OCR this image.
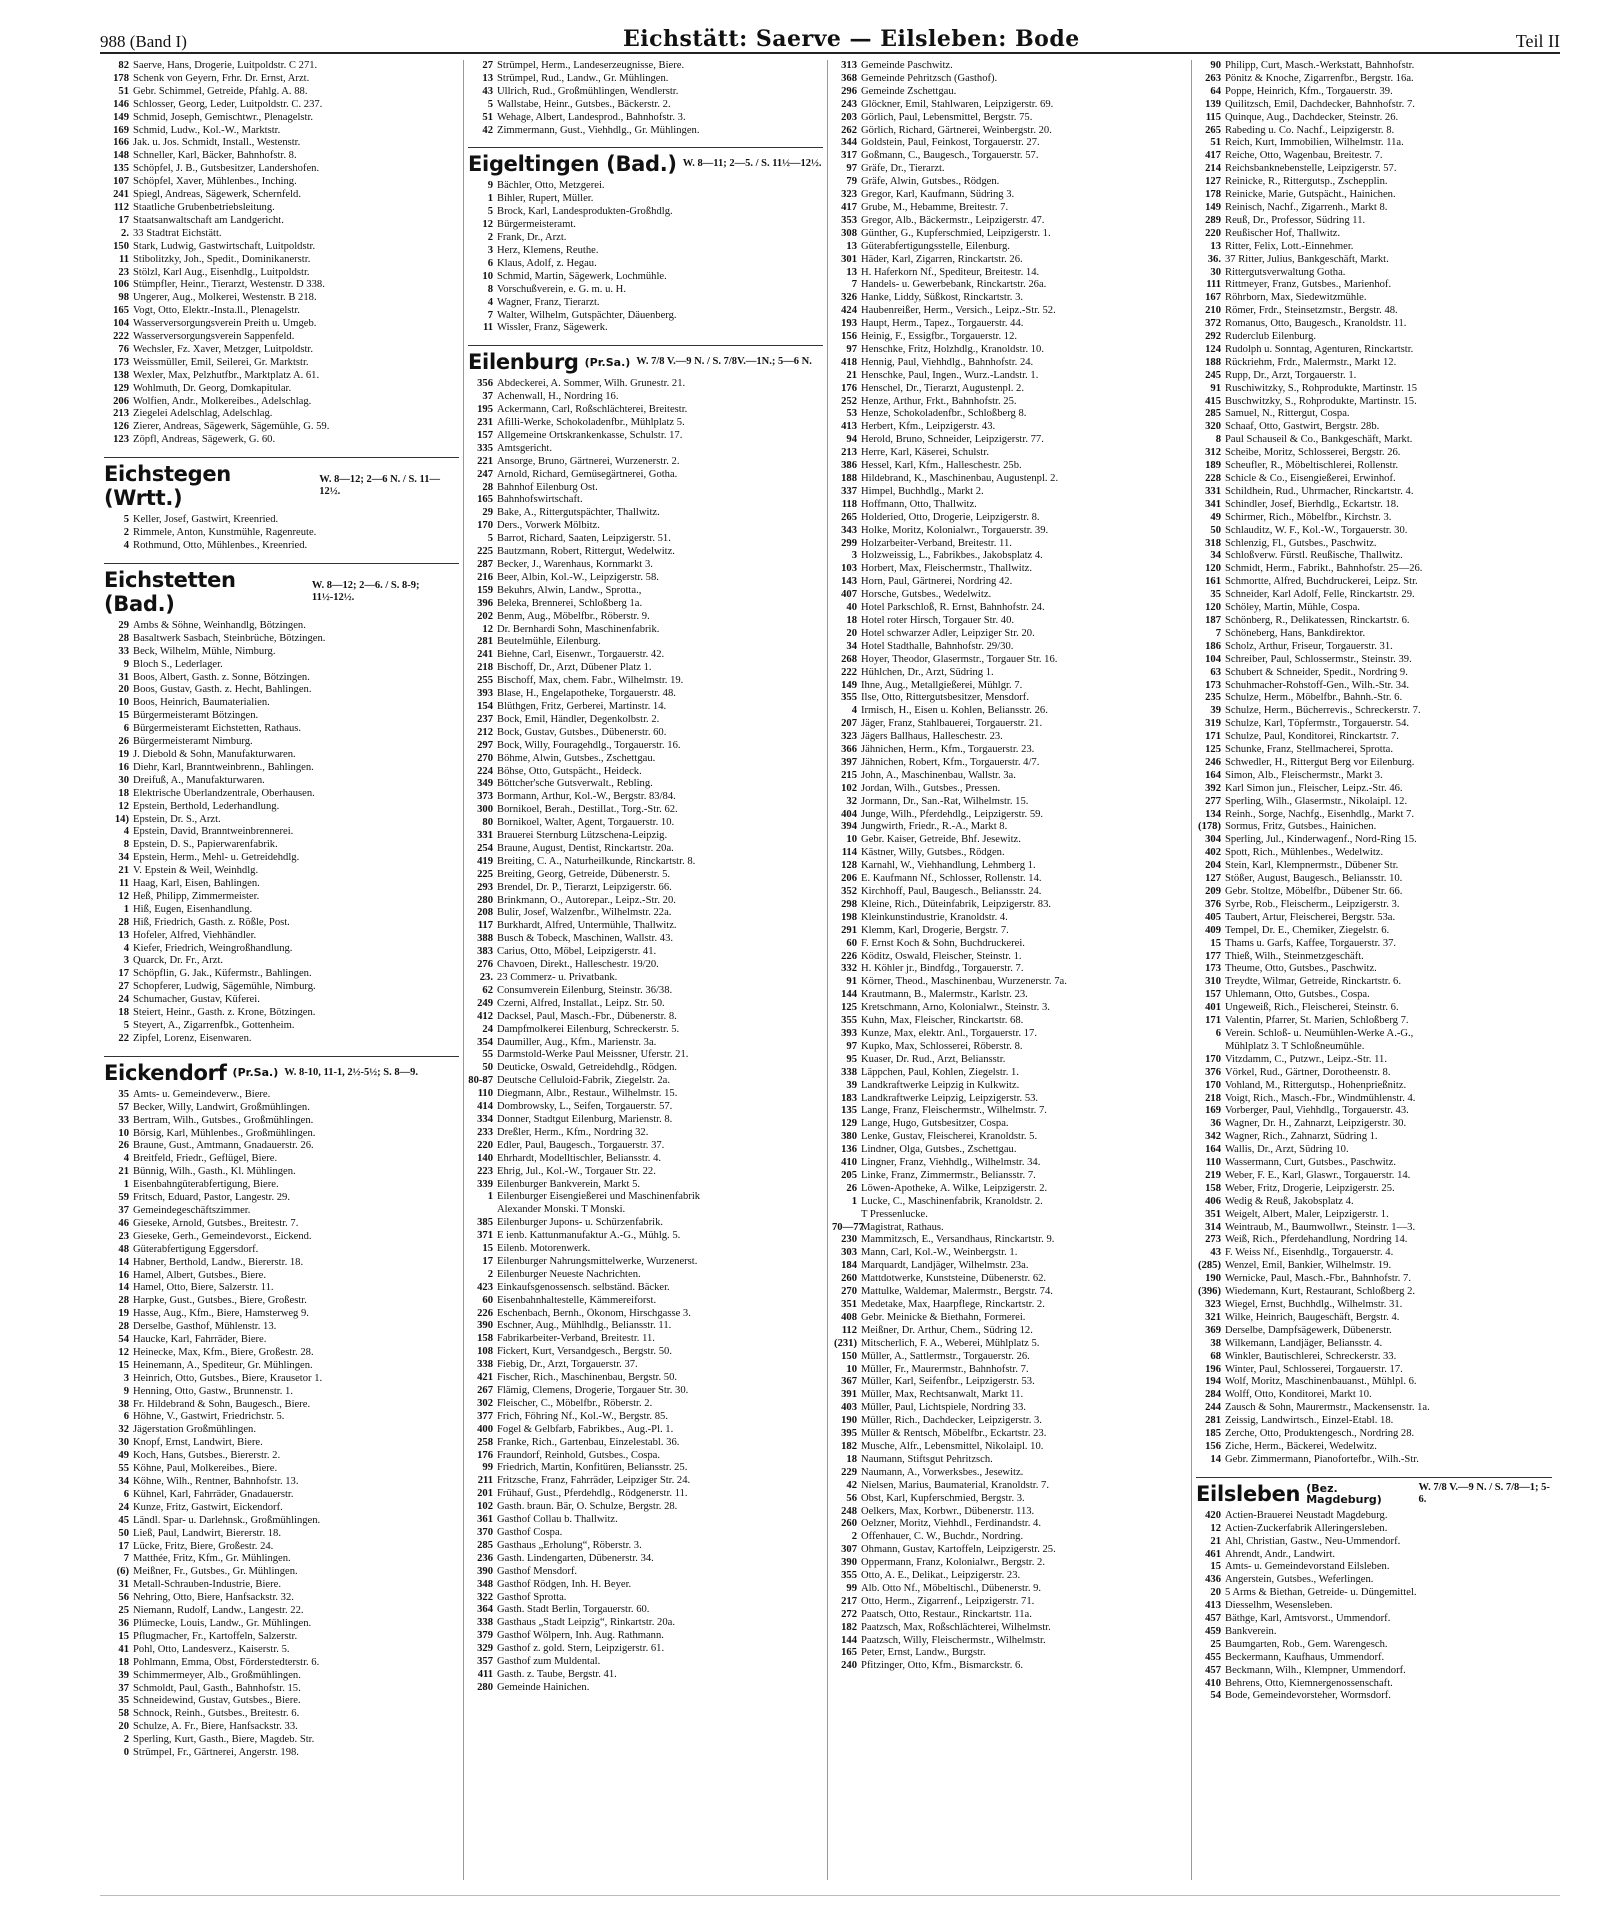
988 (Band I)	Eichstätt: Saerve — Eilsleben: Bode	Teil II
82 Saerve, Hans, Drogerie, Luitpoldstr. C 271.
178 Schenk von Geyern, Frhr. Dr. Ernst, Arzt.
51 Gebr. Schimmel, Getreide, Pfahlg. A. 88.
146 Schlosser, Georg, Leder, Luitpoldstr. C. 237.
149 Schmid, Joseph, Gemischtwr., Plenagelstr.
169 Schmid, Ludw., Kol.-W., Marktstr.
166 Jak. u. Jos. Schmidt, Install., Westenstr.
148 Schneller, Karl, Bäcker, Bahnhofstr. 8.
135 Schöpfel, J. B., Gutsbesitzer, Landershofen.
107 Schöpfel, Xaver, Mühlenbes., Inching.
241 Spiegl, Andreas, Sägewerk, Schernfeld.
112 Staatliche Grubenbetriebsleitung.
17 Staatsanwaltschaft am Landgericht.
2. 33 Stadtrat Eichstätt.
150 Stark, Ludwig, Gastwirtschaft, Luitpoldstr.
11 Stibolitzky, Joh., Spedit., Dominikanerstr.
23 Stölzl, Karl Aug., Eisenhdlg., Luitpoldstr.
106 Stümpfler, Heinr., Tierarzt, Westenstr. D 338.
98 Ungerer, Aug., Molkerei, Westenstr. B 218.
165 Vogt, Otto, Elektr.-Insta.ll., Plenagelstr.
104 Wasserversorgungsverein Preith u. Umgeb.
222 Wasserversorgungsverein Sappenfeld.
76 Wechsler, Fz. Xaver, Metzger, Luitpoldstr.
173 Weissmüller, Emil, Seilerei, Gr. Marktstr.
138 Wexler, Max, Pelzhutfbr., Marktplatz A. 61.
129 Wohlmuth, Dr. Georg, Domkapitular.
206 Wolfien, Andr., Molkereibes., Adelschlag.
213 Ziegelei Adelschlag, Adelschlag.
126 Zierer, Andreas, Sägewerk, Sägemühle, G. 59.
123 Zöpfl, Andreas, Sägewerk, G. 60.
Eichstegen (Wrtt.)
W. 8—12; 2—6 N. / S. 11—12½.
5 Keller, Josef, Gastwirt, Kreenried.
2 Rimmele, Anton, Kunstmühle, Ragenreute.
4 Rothmund, Otto, Mühlenbes., Kreenried.
Eichstetten (Bad.)
W. 8—12; 2—6. / S. 8-9; 11½-12½.
29 Ambs & Söhne, Weinhandlg, Bötzingen.
28 Basaltwerk Sasbach, Steinbrüche, Bötzingen.
33 Beck, Wilhelm, Mühle, Nimburg.
9 Bloch S., Lederlager.
31 Boos, Albert, Gasth. z. Sonne, Bötzingen.
20 Boos, Gustav, Gasth. z. Hecht, Bahlingen.
10 Boos, Heinrich, Baumaterialien.
15 Bürgermeisteramt Bötzingen.
6 Bürgermeisteramt Eichstetten, Rathaus.
26 Bürgermeisteramt Nimburg.
19 J. Diebold & Sohn, Manufakturwaren.
16 Diehr, Karl, Branntweinbrenn., Bahlingen.
30 Dreifuß, A., Manufakturwaren.
18 Elektrische Überlandzentrale, Oberhausen.
12 Epstein, Berthold, Lederhandlung.
14) Epstein, Dr. S., Arzt.
4 Epstein, David, Branntweinbrennerei.
8 Epstein, D. S., Papierwarenfabrik.
34 Epstein, Herm., Mehl- u. Getreidehdlg.
21 V. Epstein & Weil, Weinhdlg.
11 Haag, Karl, Eisen, Bahlingen.
12 Heß, Philipp, Zimmermeister.
1 Hiß, Eugen, Eisenhandlung.
28 Hiß, Friedrich, Gasth. z. Rößle, Post.
13 Hofeler, Alfred, Viehhändler.
4 Kiefer, Friedrich, Weingroßhandlung.
3 Quarck, Dr. Fr., Arzt.
17 Schöpflin, G. Jak., Küfermstr., Bahlingen.
27 Schopferer, Ludwig, Sägemühle, Nimburg.
24 Schumacher, Gustav, Küferei.
18 Steiert, Heinr., Gasth. z. Krone, Bötzingen.
5 Steyert, A., Zigarrenfbk., Gottenheim.
22 Zipfel, Lorenz, Eisenwaren.
Eickendorf (Pr.Sa.) W. 8-10, 11-1, 2½-5½; S. 8—9.
35 Amts- u. Gemeindeverw., Biere.
57 Becker, Willy, Landwirt, Großmühlingen.
33 Bertram, Wilh., Gutsbes., Großmühlingen.
10 Börsig, Karl, Mühlenbes., Großmühlingen.
26 Braune, Gust., Amtmann, Gnadauerstr. 26.
4 Breitfeld, Friedr., Geflügel, Biere.
21 Bünnig, Wilh., Gasth., Kl. Mühlingen.
1 Eisenbahngüterabfertigung, Biere.
59 Fritsch, Eduard, Pastor, Langestr. 29.
37 Gemeindegeschäftszimmer.
46 Gieseke, Arnold, Gutsbes., Breitestr. 7.
23 Gieseke, Gerh., Gemeindevorst., Eickend.
48 Güterabfertigung Eggersdorf.
14 Habner, Berthold, Landw., Biererstr. 18.
16 Hamel, Albert, Gutsbes., Biere.
14 Hamel, Otto, Biere, Salzerstr. 11.
28 Harpke, Gust., Gutsbes., Biere, Großestr.
19 Hasse, Aug., Kfm., Biere, Hamsterweg 9.
28 Derselbe, Gasthof, Mühlenstr. 13.
54 Haucke, Karl, Fahrräder, Biere.
12 Heinecke, Max, Kfm., Biere, Großestr. 28.
15 Heinemann, A., Spediteur, Gr. Mühlingen.
3 Heinrich, Otto, Gutsbes., Biere, Krausetor 1.
9 Henning, Otto, Gastw., Brunnenstr. 1.
38 Fr. Hildebrand & Sohn, Baugesch., Biere.
6 Höhne, V., Gastwirt, Friedrichstr. 5.
32 Jägerstation Großmühlingen.
30 Knopf, Ernst, Landwirt, Biere.
49 Koch, Hans, Gutsbes., Biererstr. 2.
55 Köhne, Paul, Molkereibes., Biere.
34 Köhne, Wilh., Rentner, Bahnhofstr. 13.
6 Kühnel, Karl, Fahrräder, Gnadauerstr.
24 Kunze, Fritz, Gastwirt, Eickendorf.
45 Ländl. Spar- u. Darlehnsk., Großmühlingen.
50 Ließ, Paul, Landwirt, Biererstr. 18.
17 Lücke, Fritz, Biere, Großestr. 24.
7 Matthée, Fritz, Kfm., Gr. Mühlingen.
(6) Meißner, Fr., Gutsbes., Gr. Mühlingen.
31 Metall-Schrauben-Industrie, Biere.
56 Nehring, Otto, Biere, Hanfsackstr. 32.
25 Niemann, Rudolf, Landw., Langestr. 22.
36 Plümecke, Louis, Landw., Gr. Mühlingen.
15 Pflugmacher, Fr., Kartoffeln, Salzerstr.
41 Pohl, Otto, Landesverz., Kaiserstr. 5.
18 Pohlmann, Emma, Obst, Förderstedterstr. 6.
39 Schimmermeyer, Alb., Großmühlingen.
37 Schmoldt, Paul, Gasth., Bahnhofstr. 15.
35 Schneidewind, Gustav, Gutsbes., Biere.
58 Schnock, Reinh., Gutsbes., Breitestr. 6.
20 Schulze, A. Fr., Biere, Hanfsackstr. 33.
2 Sperling, Kurt, Gasth., Biere, Magdeb. Str.
0 Strümpel, Fr., Gärtnerei, Angerstr. 198.
27 Strümpel, Herm., Landeserzeugnisse, Biere.
13 Strümpel, Rud., Landw., Gr. Mühlingen.
43 Ullrich, Rud., Großmühlingen, Wendlerstr.
5 Wallstabe, Heinr., Gutsbes., Bäckerstr. 2.
51 Wehage, Albert, Landesprod., Bahnhofstr. 3.
42 Zimmermann, Gust., Viehhdlg., Gr. Mühlingen.
Eigeltingen (Bad.) W. 8—11; 2—5. / S. 11½—12½.
9 Bächler, Otto, Metzgerei.
1 Bihler, Rupert, Müller.
5 Brock, Karl, Landesprodukten-Großhdlg.
12 Bürgermeisteramt.
2 Frank, Dr., Arzt.
3 Herz, Klemens, Reuthe.
6 Klaus, Adolf, z. Hegau.
10 Schmid, Martin, Sägewerk, Lochmühle.
8 Vorschußverein, e. G. m. u. H.
4 Wagner, Franz, Tierarzt.
7 Walter, Wilhelm, Gutspächter, Däuenberg.
11 Wissler, Franz, Sägewerk.
Eilenburg (Pr.Sa.) W. 7/8 V.—9 N. / S. 7/8V.—1N.; 5—6 N.
356 Abdeckerei, A. Sommer, Wilh. Grunestr. 21.
37 Achenwall, H., Nordring 16.
195 Ackermann, Carl, Roßschlächterei, Breitestr.
231 Afilli-Werke, Schokoladenfbr., Mühlplatz 5.
157 Allgemeine Ortskrankenkasse, Schulstr. 17.
335 Amtsgericht.
221 Ansorge, Bruno, Gärtnerei, Wurzenerstr. 2.
247 Arnold, Richard, Gemüsegärtnerei, Gotha.
28 Bahnhof Eilenburg Ost.
165 Bahnhofswirtschaft.
29 Bake, A., Rittergutspächter, Thallwitz.
170 Ders., Vorwerk Mölbitz.
5 Barrot, Richard, Saaten, Leipzigerstr. 51.
225 Bautzmann, Robert, Rittergut, Wedelwitz.
287 Becker, J., Warenhaus, Kornmarkt 3.
216 Beer, Albin, Kol.-W., Leipzigerstr. 58.
159 Bekuhrs, Alwin, Landw., Sprotta.,
396 Beleka, Brennerei, Schloßberg 1a.
202 Benm, Aug., Möbelfbr., Röberstr. 9.
12 Dr. Bernhardi Sohn, Maschinenfabrik.
281 Beutelmühle, Eilenburg.
241 Biehne, Carl, Eisenwr., Torgauerstr. 42.
218 Bischoff, Dr., Arzt, Dübener Platz 1.
255 Bischoff, Max, chem. Fabr., Wilhelmstr. 19.
393 Blase, H., Engelapotheke, Torgauerstr. 48.
154 Blüthgen, Fritz, Gerberei, Martinstr. 14.
237 Bock, Emil, Händler, Degenkolbstr. 2.
212 Bock, Gustav, Gutsbes., Dübenerstr. 60.
297 Bock, Willy, Fouragehdlg., Torgauerstr. 16.
270 Böhme, Alwin, Gutsbes., Zschettgau.
224 Böhse, Otto, Gutspächt., Heideck.
349 Böttcher'sche Gutsverwalt., Rebling.
373 Bormann, Arthur, Kol.-W., Bergstr. 83/84.
300 Bornikoel, Berah., Destillat., Torg.-Str. 62.
80 Bornikoel, Walter, Agent, Torgauerstr. 10.
331 Brauerei Sternburg Lützschena-Leipzig.
254 Braune, August, Dentist, Rinckartstr. 20a.
419 Breiting, C. A., Naturheilkunde, Rinckartstr. 8.
225 Breiting, Georg, Getreide, Dübenerstr. 5.
293 Brendel, Dr. P., Tierarzt, Leipzigerstr. 66.
280 Brinkmann, O., Autorepar., Leipz.-Str. 20.
208 Bulir, Josef, Walzenfbr., Wilhelmstr. 22a.
117 Burkhardt, Alfred, Untermühle, Thallwitz.
388 Busch & Tobeck, Maschinen, Wallstr. 43.
383 Carius, Otto, Möbel, Leipzigerstr. 41.
276 Chavoen, Direkt., Halleschestr. 19/20.
23. 23 Commerz- u. Privatbank.
62 Consumverein Eilenburg, Steinstr. 36/38.
249 Czerni, Alfred, Installat., Leipz. Str. 50.
412 Dacksel, Paul, Masch.-Fbr., Dübenerstr. 8.
24 Dampfmolkerei Eilenburg, Schreckerstr. 5.
354 Daumiller, Aug., Kfm., Marienstr. 3a.
55 Darmstold-Werke Paul Meissner, Uferstr. 21.
50 Deuticke, Oswald, Getreidehdlg., Rödgen.
80-87 Deutsche Celluloid-Fabrik, Ziegelstr. 2a.
110 Diegmann, Albr., Restaur., Wilhelmstr. 15.
414 Dombrowsky, L., Seifen, Torgauerstr. 57.
334 Donner, Stadtgut Eilenburg, Marienstr. 8.
233 Dreßler, Herm., Kfm., Nordring 32.
220 Edler, Paul, Baugesch., Torgauerstr. 37.
140 Ehrhardt, Modelltischler, Beliansstr. 4.
223 Ehrig, Jul., Kol.-W., Torgauer Str. 22.
339 Eilenburger Bankverein, Markt 5.
1 Eilenburger Eisengießerei und Maschinenfabrik
Alexander Monski. T Monski.
385 Eilenburger Jupons- u. Schürzenfabrik.
371 E ienb. Kattunmanufaktur A.-G., Mühlg. 5.
15 Eilenb. Motorenwerk.
17 Eilenburger Nahrungsmittelwerke, Wurzenerst.
2 Eilenburger Neueste Nachrichten.
423 Einkaufsgenossensch. selbständ. Bäcker.
60 Eisenbahnhaltestelle, Kämmereiforst.
226 Eschenbach, Bernh., Ökonom, Hirschgasse 3.
390 Eschner, Aug., Mühlhdlg., Beliansstr. 11.
158 Fabrikarbeiter-Verband, Breitestr. 11.
108 Fickert, Kurt, Versandgesch., Bergstr. 50.
338 Fiebig, Dr., Arzt, Torgauerstr. 37.
421 Fischer, Rich., Maschinenbau, Bergstr. 50.
267 Flämig, Clemens, Drogerie, Torgauer Str. 30.
302 Fleischer, C., Möbelfbr., Röberstr. 2.
377 Frich, Föhring Nf., Kol.-W., Bergstr. 85.
400 Fogel & Gelbfarb, Fabrikbes., Aug.-Pl. 1.
258 Franke, Rich., Gartenbau, Einzelestabl. 36.
176 Fraundorf, Reinhold, Gutsbes., Cospa.
99 Friedrich, Martin, Konfitüren, Beliansstr. 25.
211 Fritzsche, Franz, Fahrräder, Leipziger Str. 24.
201 Frühauf, Gust., Pferdehdlg., Rödgenerstr. 11.
102 Gasth. braun. Bär, O. Schulze, Bergstr. 28.
361 Gasthof Collau b. Thallwitz.
370 Gasthof Cospa.
285 Gasthaus „Erholung“, Röberstr. 3.
236 Gasth. Lindengarten, Dübenerstr. 34.
390 Gasthof Mensdorf.
348 Gasthof Rödgen, Inh. H. Beyer.
322 Gasthof Sprotta.
364 Gasth. Stadt Berlin, Torgauerstr. 60.
338 Gasthaus „Stadt Leipzig“, Rinkartstr. 20a.
379 Gasthof Wölpern, Inh. Aug. Rathmann.
329 Gasthof z. gold. Stern, Leipzigerstr. 61.
357 Gasthof zum Muldental.
411 Gasth. z. Taube, Bergstr. 41.
280 Gemeinde Hainichen.
313 Gemeinde Paschwitz.
368 Gemeinde Pehritzsch (Gasthof).
296 Gemeinde Zschettgau.
243 Glöckner, Emil, Stahlwaren, Leipzigerstr. 69.
203 Görlich, Paul, Lebensmittel, Bergstr. 75.
262 Görlich, Richard, Gärtnerei, Weinbergstr. 20.
344 Goldstein, Paul, Feinkost, Torgauerstr. 27.
317 Goßmann, C., Baugesch., Torgauerstr. 57.
97 Gräfe, Dr., Tierarzt.
79 Gräfe, Alwin, Gutsbes., Rödgen.
323 Gregor, Karl, Kaufmann, Südring 3.
417 Grube, M., Hebamme, Breitestr. 7.
353 Gregor, Alb., Bäckermstr., Leipzigerstr. 47.
308 Günther, G., Kupferschmied, Leipzigerstr. 1.
13 Güterabfertigungsstelle, Eilenburg.
301 Häder, Karl, Zigarren, Rinckartstr. 26.
13 H. Haferkorn Nf., Spediteur, Breitestr. 14.
7 Handels- u. Gewerbebank, Rinckartstr. 26a.
326 Hanke, Liddy, Süßkost, Rinckartstr. 3.
424 Haubenreißer, Herm., Versich., Leipz.-Str. 52.
193 Haupt, Herm., Tapez., Torgauerstr. 44.
156 Heinig, F., Essigfbr., Torgauerstr. 12.
97 Henschke, Fritz, Holzhdlg., Kranoldstr. 10.
418 Hennig, Paul, Viehhdlg., Bahnhofstr. 24.
21 Henschke, Paul, Ingen., Wurz.-Landstr. 1.
176 Henschel, Dr., Tierarzt, Augustenpl. 2.
252 Henze, Arthur, Frkt., Bahnhofstr. 25.
53 Henze, Schokoladenfbr., Schloßberg 8.
413 Herbert, Kfm., Leipzigerstr. 43.
94 Herold, Bruno, Schneider, Leipzigerstr. 77.
213 Herre, Karl, Käserei, Schulstr.
386 Hessel, Karl, Kfm., Halleschestr. 25b.
188 Hildebrand, K., Maschinenbau, Augustenpl. 2.
337 Himpel, Buchhdlg., Markt 2.
118 Hoffmann, Otto, Thallwitz.
265 Holderied, Otto, Drogerie, Leipzigerstr. 8.
343 Holke, Moritz, Kolonialwr., Torgauerstr. 39.
299 Holzarbeiter-Verband, Breitestr. 11.
3 Holzweissig, L., Fabrikbes., Jakobsplatz 4.
103 Horbert, Max, Fleischermstr., Thallwitz.
143 Horn, Paul, Gärtnerei, Nordring 42.
407 Horsche, Gutsbes., Wedelwitz.
40 Hotel Parkschloß, R. Ernst, Bahnhofstr. 24.
18 Hotel roter Hirsch, Torgauer Str. 40.
20 Hotel schwarzer Adler, Leipziger Str. 20.
34 Hotel Stadthalle, Bahnhofstr. 29/30.
268 Hoyer, Theodor, Glasermstr., Torgauer Str. 16.
222 Hühlchen, Dr., Arzt, Südring 1.
149 Ihne, Aug., Metallgießerei, Mühlgr. 7.
355 Ilse, Otto, Rittergutsbesitzer, Mensdorf.
4 Irmisch, H., Eisen u. Kohlen, Beliansstr. 26.
207 Jäger, Franz, Stahlbauerei, Torgauerstr. 21.
323 Jägers Ballhaus, Halleschestr. 23.
366 Jähnichen, Herm., Kfm., Torgauerstr. 23.
397 Jähnichen, Robert, Kfm., Torgauerstr. 4/7.
215 John, A., Maschinenbau, Wallstr. 3a.
102 Jordan, Wilh., Gutsbes., Pressen.
32 Jormann, Dr., San.-Rat, Wilhelmstr. 15.
404 Junge, Wilh., Pferdehdlg., Leipzigerstr. 59.
394 Jungwirth, Friedr., R.-A., Markt 8.
10 Gebr. Kaiser, Getreide, Bhf. Jesewitz.
114 Kästner, Willy, Gutsbes., Rödgen.
128 Karnahl, W., Viehhandlung, Lehmberg 1.
206 E. Kaufmann Nf., Schlosser, Rollenstr. 14.
352 Kirchhoff, Paul, Baugesch., Beliansstr. 24.
298 Kleine, Rich., Düteinfabrik, Leipzigerstr. 83.
198 Kleinkunstindustrie, Kranoldstr. 4.
291 Klemm, Karl, Drogerie, Bergstr. 7.
60 F. Ernst Koch & Sohn, Buchdruckerei.
226 Köditz, Oswald, Fleischer, Steinstr. 1.
332 H. Köhler jr., Bindfdg., Torgauerstr. 7.
91 Körner, Theod., Maschinenbau, Wurzenerstr. 7a.
144 Krautmann, B., Malermstr., Karlstr. 23.
125 Kretschmann, Arno, Kolonialwr., Steinstr. 3.
355 Kuhn, Max, Fleischer, Rinckartstr. 68.
393 Kunze, Max, elektr. Anl., Torgauerstr. 17.
97 Kupko, Max, Schlosserei, Röberstr. 8.
95 Kuaser, Dr. Rud., Arzt, Beliansstr.
338 Läppchen, Paul, Kohlen, Ziegelstr. 1.
39 Landkraftwerke Leipzig in Kulkwitz.
183 Landkraftwerke Leipzig, Leipzigerstr. 53.
135 Lange, Franz, Fleischermstr., Wilhelmstr. 7.
129 Lange, Hugo, Gutsbesitzer, Cospa.
380 Lenke, Gustav, Fleischerei, Kranoldstr. 5.
136 Lindner, Olga, Gutsbes., Zschettgau.
410 Lingner, Franz, Viehhdlg., Wilhelmstr. 34.
205 Linke, Franz, Zimmermstr., Beliansstr. 7.
26 Löwen-Apotheke, A. Wilke, Leipzigerstr. 2.
1 Lucke, C., Maschinenfabrik, Kranoldstr. 2.
T Pressenlucke.
70—77Magistrat, Rathaus.
230 Mammitzsch, E., Versandhaus, Rinckartstr. 9.
303 Mann, Carl, Kol.-W., Weinbergstr. 1.
184 Marquardt, Landjäger, Wilhelmstr. 23a.
260 Mattdotwerke, Kunststeine, Dübenerstr. 62.
270 Mattulke, Waldemar, Malermstr., Bergstr. 74.
351 Medetake, Max, Haarpflege, Rinckartstr. 2.
408 Gebr. Meinicke & Biethahn, Formerei.
112 Meißner, Dr. Arthur, Chem., Südring 12.
(231) Mitscherlich, F. A., Weberei, Mühlplatz 5.
150 Müller, A., Sattlermstr., Torgauerstr. 26.
10 Müller, Fr., Maurermstr., Bahnhofstr. 7.
367 Müller, Karl, Seifenfbr., Leipzigerstr. 53.
391 Müller, Max, Rechtsanwalt, Markt 11.
403 Müller, Paul, Lichtspiele, Nordring 33.
190 Müller, Rich., Dachdecker, Leipzigerstr. 3.
395 Müller & Rentsch, Möbelfbr., Eckartstr. 23.
182 Musche, Alfr., Lebensmittel, Nikolaipl. 10.
18 Naumann, Stiftsgut Pehritzsch.
229 Naumann, A., Vorwerksbes., Jesewitz.
42 Nielsen, Marius, Baumaterial, Kranoldstr. 7.
56 Obst, Karl, Kupferschmied, Bergstr. 3.
248 Oelkers, Max, Korbwr., Dübenerstr. 113.
260 Oelzner, Moritz, Viehhdl., Ferdinandstr. 4.
2 Offenhauer, C. W., Buchdr., Nordring.
307 Ohmann, Gustav, Kartoffeln, Leipzigerstr. 25.
390 Oppermann, Franz, Kolonialwr., Bergstr. 2.
355 Otto, A. E., Delikat., Leipzigerstr. 23.
99 Alb. Otto Nf., Möbeltischl., Dübenerstr. 9.
217 Otto, Herm., Zigarrenf., Leipzigerstr. 71.
272 Paatsch, Otto, Restaur., Rinckartstr. 11a.
182 Paatzsch, Max, Roßschlächterei, Wilhelmstr.
144 Paatzsch, Willy, Fleischermstr., Wilhelmstr.
165 Peter, Ernst, Landw., Burgstr.
240 Pfitzinger, Otto, Kfm., Bismarckstr. 6.
90 Philipp, Curt, Masch.-Werkstatt, Bahnhofstr.
263 Pönitz & Knoche, Zigarrenfbr., Bergstr. 16a.
64 Poppe, Heinrich, Kfm., Torgauerstr. 39.
139 Quilitzsch, Emil, Dachdecker, Bahnhofstr. 7.
115 Quinque, Aug., Dachdecker, Steinstr. 26.
265 Rabeding u. Co. Nachf., Leipzigerstr. 8.
51 Reich, Kurt, Immobilien, Wilhelmstr. 11a.
417 Reiche, Otto, Wagenbau, Breitestr. 7.
214 Reichsbanknebenstelle, Leipzigerstr. 57.
127 Reinicke, R., Rittergutsp., Zschepplin.
178 Reinicke, Marie, Gutspächt., Hainichen.
149 Reinisch, Nachf., Zigarrenh., Markt 8.
289 Reuß, Dr., Professor, Südring 11.
220 Reußischer Hof, Thallwitz.
13 Ritter, Felix, Lott.-Einnehmer.
36. 37 Ritter, Julius, Bankgeschäft, Markt.
30 Rittergutsverwaltung Gotha.
111 Rittmeyer, Franz, Gutsbes., Marienhof.
167 Röhrborn, Max, Siedewitzmühle.
210 Römer, Frdr., Steinsetzmstr., Bergstr. 48.
372 Romanus, Otto, Baugesch., Kranoldstr. 11.
292 Ruderclub Eilenburg.
124 Rudolph u. Sonntag, Agenturen, Rinckartstr.
188 Rückriehm, Frdr., Malermstr., Markt 12.
245 Rupp, Dr., Arzt, Torgauerstr. 1.
91 Ruschiwitzky, S., Rohprodukte, Martinstr. 15
415 Buschwitzky, S., Rohprodukte, Martinstr. 15.
285 Samuel, N., Rittergut, Cospa.
320 Schaaf, Otto, Gastwirt, Bergstr. 28b.
8 Paul Schauseil & Co., Bankgeschäft, Markt.
312 Scheibe, Moritz, Schlosserei, Bergstr. 26.
189 Scheufler, R., Möbeltischlerei, Rollenstr.
228 Schicle & Co., Eisengießerei, Erwinhof.
331 Schildhein, Rud., Uhrmacher, Rinckartstr. 4.
341 Schindler, Josef, Bierhdlg., Eckartstr. 18.
49 Schirmer, Rich., Möbelfbr., Kirchstr. 3.
50 Schlauditz, W. F., Kol.-W., Torgauerstr. 30.
318 Schlenzig, Fl., Gutsbes., Paschwitz.
34 Schloßverw. Fürstl. Reußische, Thallwitz.
120 Schmidt, Herm., Fabrikt., Bahnhofstr. 25—26.
161 Schmortte, Alfred, Buchdruckerei, Leipz. Str.
35 Schneider, Karl Adolf, Felle, Rinckartstr. 29.
120 Schöley, Martin, Mühle, Cospa.
187 Schönberg, R., Delikatessen, Rinckartstr. 6.
7 Schöneberg, Hans, Bankdirektor.
186 Scholz, Arthur, Friseur, Torgauerstr. 31.
104 Schreiber, Paul, Schlossermstr., Steinstr. 39.
63 Schubert & Schneider, Spedit., Nordring 9.
173 Schuhmacher-Rohstoff-Gen., Wilh.-Str. 34.
235 Schulze, Herm., Möbelfbr., Bahnh.-Str. 6.
39 Schulze, Herm., Bücherrevis., Schreckerstr. 7.
319 Schulze, Karl, Töpfermstr., Torgauerstr. 54.
171 Schulze, Paul, Konditorei, Rinckartstr. 7.
125 Schunke, Franz, Stellmacherei, Sprotta.
246 Schwedler, H., Rittergut Berg vor Eilenburg.
164 Simon, Alb., Fleischermstr., Markt 3.
392 Karl Simon jun., Fleischer, Leipz.-Str. 46.
277 Sperling, Wilh., Glasermstr., Nikolaipl. 12.
134 Reinh., Sorge, Nachfg., Eisenhdlg., Markt 7.
(178) Sormus, Fritz, Gutsbes., Hainichen.
304 Sperling, Jul., Kinderwagenf., Nord-Ring 15.
402 Spott, Rich., Mühlenbes., Wedelwitz.
204 Stein, Karl, Klempnermstr., Dübener Str.
127 Stößer, August, Baugesch., Beliansstr. 10.
209 Gebr. Stoltze, Möbelfbr., Dübener Str. 66.
376 Syrbe, Rob., Fleischerm., Leipzigerstr. 3.
405 Taubert, Artur, Fleischerei, Bergstr. 53a.
409 Tempel, Dr. E., Chemiker, Ziegelstr. 6.
15 Thams u. Garfs, Kaffee, Torgauerstr. 37.
177 Thieß, Wilh., Steinmetzgeschäft.
173 Theume, Otto, Gutsbes., Paschwitz.
310 Treydte, Wilmar, Getreide, Rinckartstr. 6.
157 Uhlemann, Otto, Gutsbes., Cospa.
401 Ungeweiß, Rich., Fleischerei, Steinstr. 6.
171 Valentin, Pfarrer, St. Marien, Schloßberg 7.
6 Verein. Schloß- u. Neumühlen-Werke A.-G.,
Mühlplatz 3. T Schloßneumühle.
170 Vitzdamm, C., Putzwr., Leipz.-Str. 11.
376 Vörkel, Rud., Gärtner, Dorotheenstr. 8.
170 Vohland, M., Rittergutsp., Hohenprießnitz.
218 Voigt, Rich., Masch.-Fbr., Windmühlenstr. 4.
169 Vorberger, Paul, Viehhdlg., Torgauerstr. 43.
36 Wagner, Dr. H., Zahnarzt, Leipzigerstr. 30.
342 Wagner, Rich., Zahnarzt, Südring 1.
164 Wallis, Dr., Arzt, Südring 10.
110 Wassermann, Curt, Gutsbes., Paschwitz.
219 Weber, F. E., Karl, Glaswr., Torgauerstr. 14.
158 Weber, Fritz, Drogerie, Leipzigerstr. 25.
406 Wedig & Reuß, Jakobsplatz 4.
351 Weigelt, Albert, Maler, Leipzigerstr. 1.
314 Weintraub, M., Baumwollwr., Steinstr. 1—3.
273 Weiß, Rich., Pferdehandlung, Nordring 14.
43 F. Weiss Nf., Eisenhdlg., Torgauerstr. 4.
(285) Wenzel, Emil, Bankier, Wilhelmstr. 19.
190 Wernicke, Paul, Masch.-Fbr., Bahnhofstr. 7.
(396) Wiedemann, Kurt, Restaurant, Schloßberg 2.
323 Wiegel, Ernst, Buchhdlg., Wilhelmstr. 31.
321 Wilke, Heinrich, Baugeschäft, Bergstr. 4.
369 Derselbe, Dampfsägewerk, Dübenerstr.
38 Wilkemann, Landjäger, Beliansstr. 4.
68 Winkler, Bautischlerei, Schreckerstr. 33.
196 Winter, Paul, Schlosserei, Torgauerstr. 17.
194 Wolf, Moritz, Maschinenbauanst., Mühlpl. 6.
284 Wolff, Otto, Konditorei, Markt 10.
244 Zausch & Sohn, Maurermstr., Mackensenstr. 1a.
281 Zeissig, Landwirtsch., Einzel-Etabl. 18.
185 Zerche, Otto, Produktengesch., Nordring 28.
156 Ziche, Herm., Bäckerei, Wedelwitz.
14 Gebr. Zimmermann, Pianofortefbr., Wilh.-Str.
Eilsleben (Bez. Magdeburg)
W. 7/8 V.—9 N. / S. 7/8—1; 5-6.
420 Actien-Brauerei Neustadt Magdeburg.
12 Actien-Zuckerfabrik Alleringersleben.
21 Ahl, Christian, Gastw., Neu-Ummendorf.
461 Ahrendt, Andr., Landwirt.
15 Amts- u. Gemeindevorstand Eilsleben.
436 Angerstein, Gutsbes., Weferlingen.
20 5 Arms & Biethan, Getreide- u. Düngemittel.
413 Diesselhm, Wesensleben.
457 Bäthge, Karl, Amtsvorst., Ummendorf.
459 Bankverein.
25 Baumgarten, Rob., Gem. Warengesch.
455 Beckermann, Kaufhaus, Ummendorf.
457 Beckmann, Wilh., Klempner, Ummendorf.
410 Behrens, Otto, Kiemnergenossenschaft.
54 Bode, Gemeindevorsteher, Wormsdorf.
